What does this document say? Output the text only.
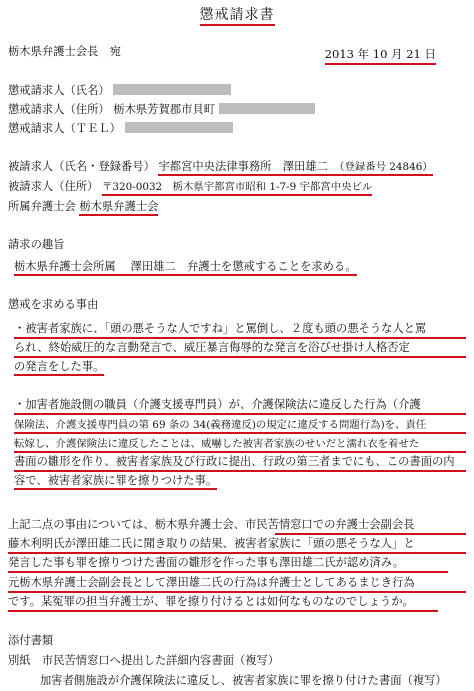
懲戒請求書
栃木県弁護士会長　宛	2013 年 10 月 21 日
懲戒請求人（氏名）
懲戒請求人（住所） 栃木県芳賀郡市貝町
懲戒請求人（ＴＥＬ）
被請求人（氏名・登録番号） 宇都宮中央法律事務所　澤田雄二　 （登録番号 24846）
被請求人（住所） 〒320-0032　栃木県宇都宮市昭和 1-7-9 宇都宮中央ビル
所属弁護士会 栃木県弁護士会
請求の趣旨
栃木県弁護士会所属　 澤田雄二　弁護士を懲戒することを求める。
懲戒を求める事由
・被害者家族に、「頭の悪そうな人ですね」と罵倒し、２度も頭の悪そうな人と罵
られ、終始威圧的な言動発言で、威圧暴言侮辱的な発言を浴びせ掛け人格否定
の発言をした事。
・加害者施設側の職員（介護支援専門員）が、介護保険法に違反した行為（介護
保険法、介護支援専門員の第 69 条の 34(義務違反)の規定に違反する問題行為)を、責任
転嫁し、介護保険法に違反したことは、威嚇した被害者家族のせいだと濡れ衣を着せた
書面の雛形を作り、被害者家族及び行政に提出、行政の第三者までにも、この書面の内
容で、被害者家族に罪を擦りつけた事。
上記二点の事由については、栃木県弁護士会、市民苦情窓口での弁護士会副会長
藤木利明氏が澤田雄二氏に聞き取りの結果、被害者家族に「頭の悪そうな人」と
発言した事も罪を擦りつけた書面の雛形を作った事も澤田雄二氏が認め済み。
元栃木県弁護士会副会長として澤田雄二氏の行為は弁護士としてあるまじき行為
です。某冤罪の担当弁護士が、罪を擦り付けるとは如何なものなのでしょうか。
添付書類
別紙　市民苦情窓口へ提出した詳細内容書面（複写）
加害者側施設が介護保険法に違反し、被害者家族に罪を擦り付けた書面（複写）
